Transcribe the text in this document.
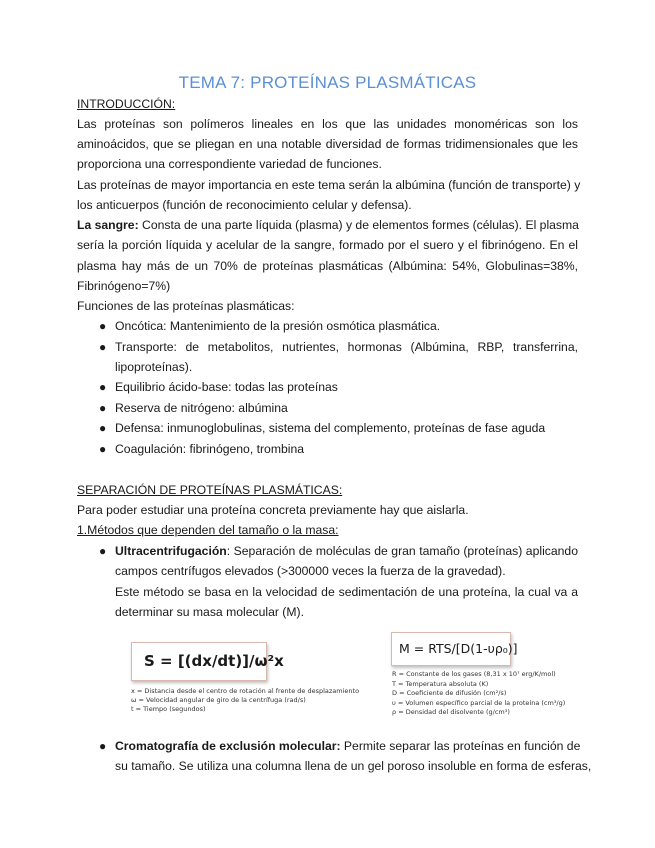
TEMA 7: PROTEÍNAS PLASMÁTICAS
INTRODUCCIÓN:
Las proteínas son polímeros lineales en los que las unidades monoméricas son los
aminoácidos, que se pliegan en una notable diversidad de formas tridimensionales que les
proporciona una correspondiente variedad de funciones.
Las proteínas de mayor importancia en este tema serán la albúmina (función de transporte) y
los anticuerpos (función de reconocimiento celular y defensa).
La sangre: Consta de una parte líquida (plasma) y de elementos formes (células). El plasma
sería la porción líquida y acelular de la sangre, formado por el suero y el fibrinógeno. En el
plasma hay más de un 70% de proteínas plasmáticas (Albúmina: 54%, Globulinas=38%,
Fibrinógeno=7%)
Funciones de las proteínas plasmáticas:
● Oncótica: Mantenimiento de la presión osmótica plasmática.
● Transporte: de metabolitos, nutrientes, hormonas (Albúmina, RBP, transferrina,
lipoproteínas).
● Equilibrio ácido-base: todas las proteínas
● Reserva de nitrógeno: albúmina
● Defensa: inmunoglobulinas, sistema del complemento, proteínas de fase aguda
● Coagulación: fibrinógeno, trombina
SEPARACIÓN DE PROTEÍNAS PLASMÁTICAS:
Para poder estudiar una proteína concreta previamente hay que aislarla.
1.Métodos que dependen del tamaño o la masa:
● Ultracentrifugación: Separación de moléculas de gran tamaño (proteínas) aplicando
campos centrífugos elevados (>300000 veces la fuerza de la gravedad).
Este método se basa en la velocidad de sedimentación de una proteína, la cual va a
determinar su masa molecular (M).
S = [(dx/dt)]/ω²x
x = Distancia desde el centro de rotación al frente de desplazamiento
ω = Velocidad angular de giro de la centrífuga (rad/s)
t = Tiempo (segundos)
M = RTS/[D(1-υρ₀)]
R = Constante de los gases (8,31 x 10⁷ erg/K/mol)
T = Temperatura absoluta (K)
D = Coeficiente de difusión (cm²/s)
υ = Volumen específico parcial de la proteína (cm³/g)
ρ = Densidad del disolvente (g/cm³)
● Cromatografía de exclusión molecular: Permite separar las proteínas en función de
su tamaño. Se utiliza una columna llena de un gel poroso insoluble en forma de esferas,
